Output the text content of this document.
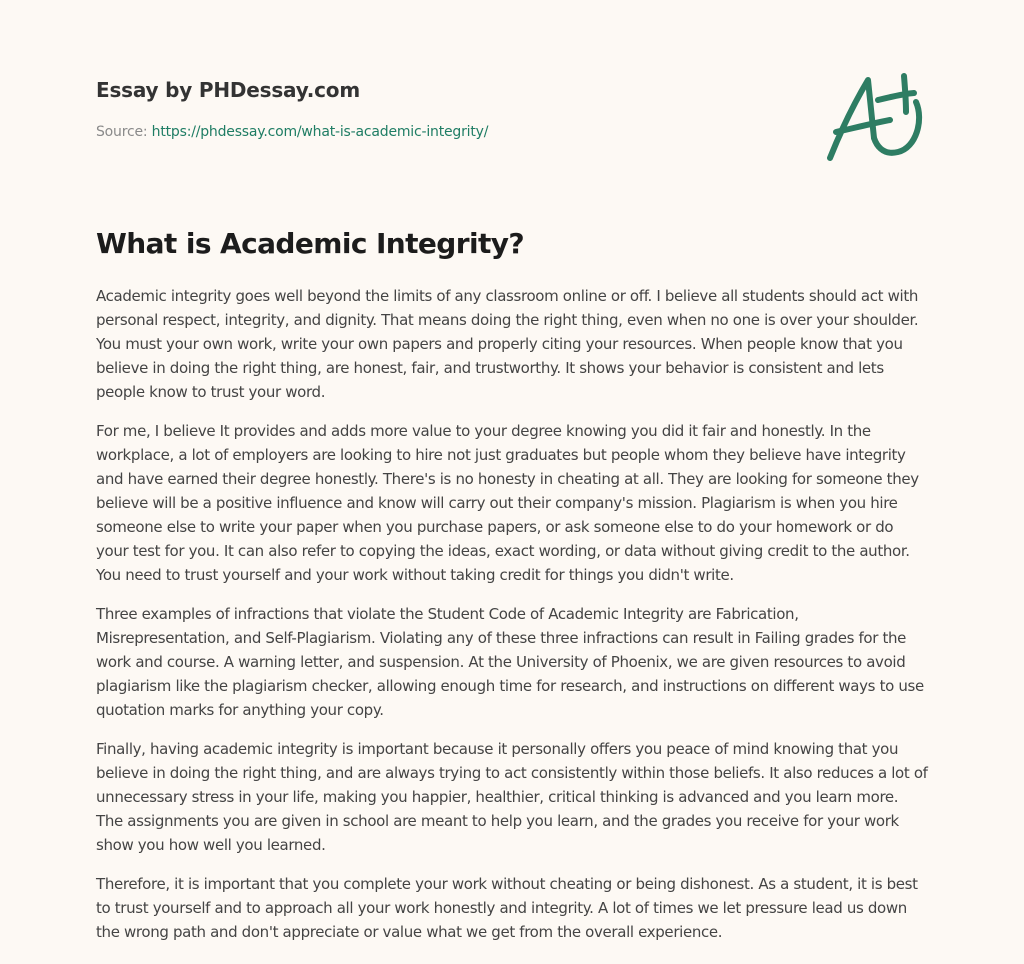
Essay by PHDessay.com
Source: https://phdessay.com/what-is-academic-integrity/
What is Academic Integrity?

Academic integrity goes well beyond the limits of any classroom online or off. I believe all students should act with personal respect, integrity, and dignity. That means doing the right thing, even when no one is over your shoulder. You must your own work, write your own papers and properly citing your resources. When people know that you believe in doing the right thing, are honest, fair, and trustworthy. It shows your behavior is consistent and lets people know to trust your word.

For me, I believe It provides and adds more value to your degree knowing you did it fair and honestly. In the workplace, a lot of employers are looking to hire not just graduates but people whom they believe have integrity and have earned their degree honestly. There's is no honesty in cheating at all. They are looking for someone they believe will be a positive influence and know will carry out their company's mission. Plagiarism is when you hire someone else to write your paper when you purchase papers, or ask someone else to do your homework or do your test for you. It can also refer to copying the ideas, exact wording, or data without giving credit to the author. You need to trust yourself and your work without taking credit for things you didn't write.

Three examples of infractions that violate the Student Code of Academic Integrity are Fabrication, Misrepresentation, and Self-Plagiarism. Violating any of these three infractions can result in Failing grades for the work and course. A warning letter, and suspension. At the University of Phoenix, we are given resources to avoid plagiarism like the plagiarism checker, allowing enough time for research, and instructions on different ways to use quotation marks for anything your copy.

Finally, having academic integrity is important because it personally offers you peace of mind knowing that you believe in doing the right thing, and are always trying to act consistently within those beliefs. It also reduces a lot of unnecessary stress in your life, making you happier, healthier, critical thinking is advanced and you learn more. The assignments you are given in school are meant to help you learn, and the grades you receive for your work show you how well you learned.

Therefore, it is important that you complete your work without cheating or being dishonest. As a student, it is best to trust yourself and to approach all your work honestly and integrity. A lot of times we let pressure lead us down the wrong path and don't appreciate or value what we get from the overall experience.
